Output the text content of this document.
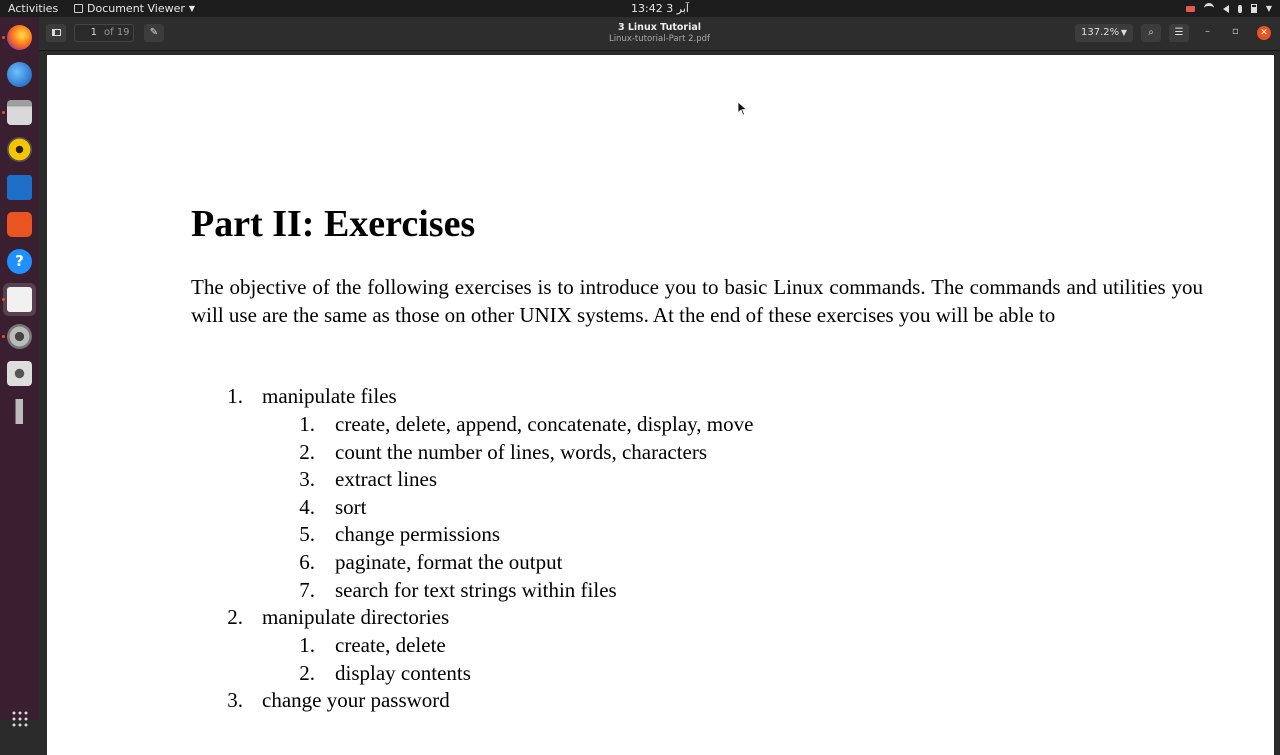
Activities	Document Viewer ▼	13:42 3 آبر	▼
?
1 of 19	✎	3 Linux Tutorial
Linux-tutorial-Part 2.pdf
137.2% ▼	⌕	☰	– ▫	✕
Part II: Exercises

The objective of the following exercises is to introduce you to basic Linux commands. The commands and utilities you will use are the same as those on other UNIX systems. At the end of these exercises you will be able to

1. manipulate files
1. create, delete, append, concatenate, display, move
2. count the number of lines, words, characters
3. extract lines
4. sort
5. change permissions
6. paginate, format the output
7. search for text strings within files
2. manipulate directories
1. create, delete
2. display contents
3. change your password
